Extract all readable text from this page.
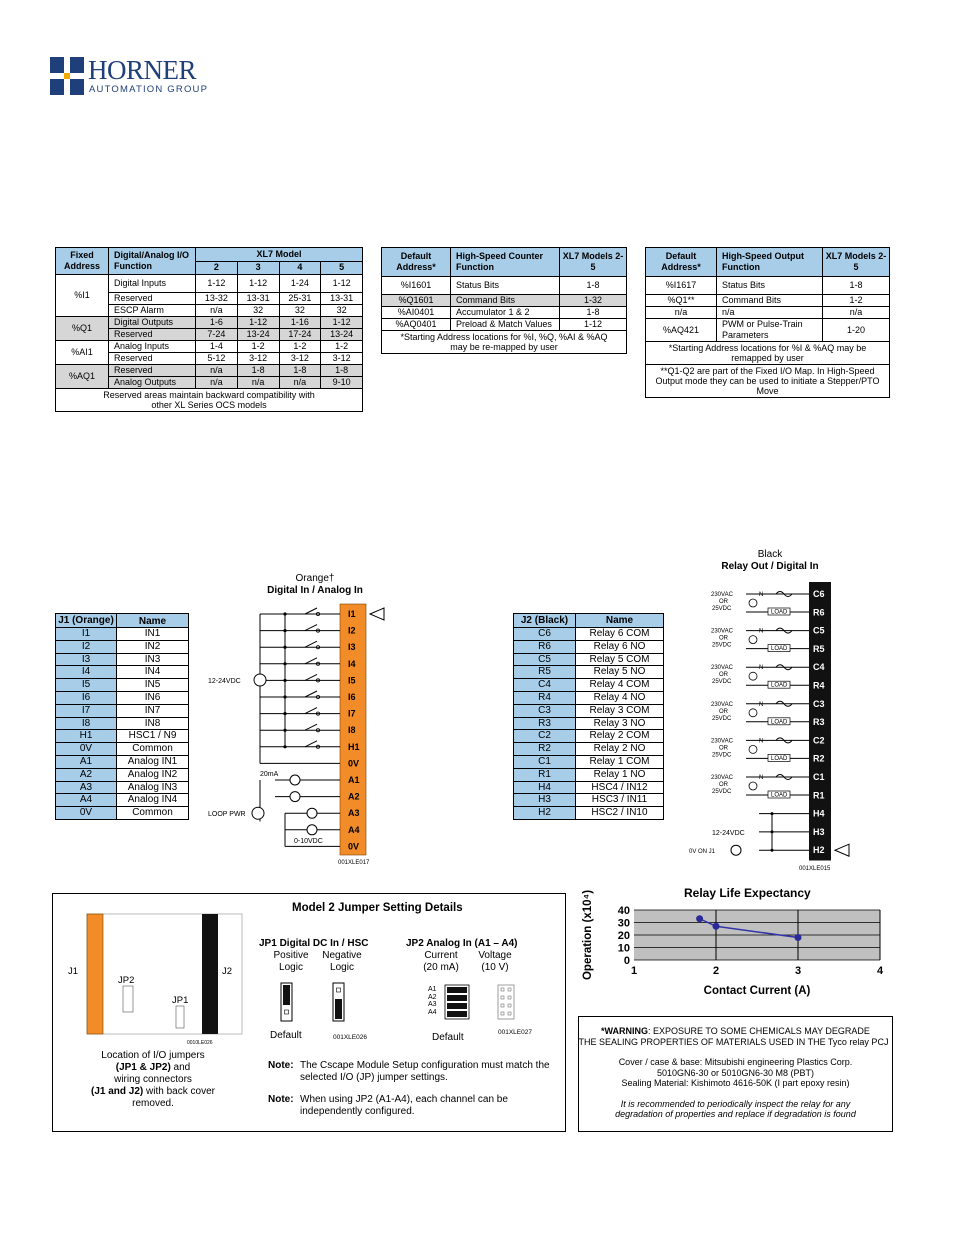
HORNER
AUTOMATION GROUP
Fixed Address	Digital/Analog I/O Function	XL7 Model			
		2	3	4	5
%I1	Digital Inputs	1-12	1-12	1-24	1-12
	Reserved	13-32	13-31	25-31	13-31
	ESCP Alarm	n/a	32	32	32
%Q1	Digital Outputs	1-6	1-12	1-16	1-12
	Reserved	7-24	13-24	17-24	13-24
%AI1	Analog Inputs	1-4	1-2	1-2	1-2
	Reserved	5-12	3-12	3-12	3-12
%AQ1	Reserved	n/a	1-8	1-8	1-8
	Analog Outputs	n/a	n/a	n/a	9-10
Reserved areas maintain backward compatibility with other XL Series OCS models					
Default Address*	High-Speed Counter Function	XL7 Models 2-5
%I1601	Status Bits	1-8
%Q1601	Command Bits	1-32
%AI0401	Accumulator 1 & 2	1-8
%AQ0401	Preload & Match Values	1-12
*Starting Address locations for %I, %Q, %AI & %AQ may be re-mapped by user		
Default Address*	High-Speed Output Function	XL7 Models 2-5
%I1617	Status Bits	1-8
%Q1**	Command Bits	1-2
n/a	n/a	n/a
%AQ421	PWM or Pulse-Train Parameters	1-20
*Starting Address locations for %I & %AQ may be remapped by user		
**Q1-Q2 are part of the Fixed I/O Map. In High-Speed Output mode they can be used to initiate a Stepper/PTO Move		
J1 (Orange)	Name
I1	IN1
I2	IN2
I3	IN3
I4	IN4
I5	IN5
I6	IN6
I7	IN7
I8	IN8
H1	HSC1 / N9
0V	Common
A1	Analog IN1
A2	Analog IN2
A3	Analog IN3
A4	Analog IN4
0V	Common
Orange†
Digital In / Analog In
I1
I2
I3
I4
I5
I6
I7
I8
H1
0V
A1
A2
A3
A4
0V
12-24VDC
20mA
LOOP PWR
0-10VDC
001XLE017
J2 (Black)	Name
C6	Relay 6 COM
R6	Relay 6 NO
C5	Relay 5 COM
R5	Relay 5 NO
C4	Relay 4 COM
R4	Relay 4 NO
C3	Relay 3 COM
R3	Relay 3 NO
C2	Relay 2 COM
R2	Relay 2 NO
C1	Relay 1 COM
R1	Relay 1 NO
H4	HSC4 / IN12
H3	HSC3 / IN11
H2	HSC2 / IN10
Black
Relay Out / Digital In
C6
R6
C5
R5
C4
R4
C3
R3
C2
R2
C1
R1
H4
H3
H2
230VAC
OR
25VDC
N
LOAD
230VAC
OR
25VDC
N
LOAD
230VAC
OR
25VDC
N
LOAD
230VAC
OR
25VDC
N
LOAD
230VAC
OR
25VDC
N
LOAD
230VAC
OR
25VDC
N
LOAD
12-24VDC
0V ON J1
001XLE015
Model 2 Jumper Setting Details
J1	J2
JP2
JP1
0010LE026
Location of I/O jumpers
(JP1 & JP2) and
wiring connectors
(J1 and J2) with back cover
removed.
JP1 Digital DC In / HSC
Positive
Logic
Negative
Logic
Default	001XLE026
JP2 Analog In (A1 – A4)
Current
(20 mA)
Voltage
(10 V)
A1
A2
A3
A4
Default	001XLE027
Note: The Cscape Module Setup configuration must match the selected I/O (JP) jumper settings.
Note: When using JP2 (A1-A4), each channel can be independently configured.
Relay Life Expectancy
0
10
20
30
40
1	2	3	4
Contact Current (A)
Operation (x10⁴)
*WARNING: EXPOSURE TO SOME CHEMICALS MAY DEGRADE
THE SEALING PROPERTIES OF MATERIALS USED IN THE Tyco relay PCJ
Cover / case & base: Mitsubishi engineering Plastics Corp.
5010GN6-30 or 5010GN6-30 M8 (PBT)
Sealing Material: Kishimoto 4616-50K (I part epoxy resin)
It is recommended to periodically inspect the relay for any
degradation of properties and replace if degradation is found
